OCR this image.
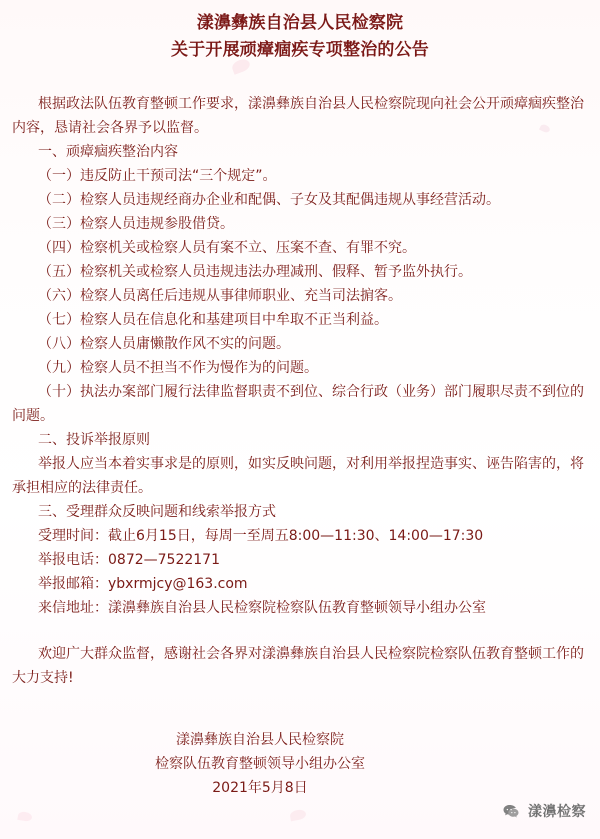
漾濞彝族自治县人民检察院
关于开展顽瘴痼疾专项整治的公告
根据政法队伍教育整顿工作要求，漾濞彝族自治县人民检察院现向社会公开顽瘴痼疾整治内容，恳请社会各界予以监督。
一、顽瘴痼疾整治内容
（一）违反防止干预司法“三个规定”。
（二）检察人员违规经商办企业和配偶、子女及其配偶违规从事经营活动。
（三）检察人员违规参股借贷。
（四）检察机关或检察人员有案不立、压案不查、有罪不究。
（五）检察机关或检察人员违规违法办理减刑、假释、暂予监外执行。
（六）检察人员离任后违规从事律师职业、充当司法掮客。
（七）检察人员在信息化和基建项目中牟取不正当利益。
（八）检察人员庸懒散作风不实的问题。
（九）检察人员不担当不作为慢作为的问题。
（十）执法办案部门履行法律监督职责不到位、综合行政（业务）部门履职尽责不到位的问题。
二、投诉举报原则
举报人应当本着实事求是的原则，如实反映问题，对利用举报捏造事实、诬告陷害的，将承担相应的法律责任。
三、受理群众反映问题和线索举报方式
受理时间：截止6月15日，每周一至周五8:00—11:30、14:00—17:30
举报电话：0872—7522171
举报邮箱：ybxrmjcy@163.com
来信地址：漾濞彝族自治县人民检察院检察队伍教育整顿领导小组办公室
欢迎广大群众监督，感谢社会各界对漾濞彝族自治县人民检察院检察队伍教育整顿工作的大力支持!
漾濞彝族自治县人民检察院
检察队伍教育整顿领导小组办公室
2021年5月8日
漾濞检察
